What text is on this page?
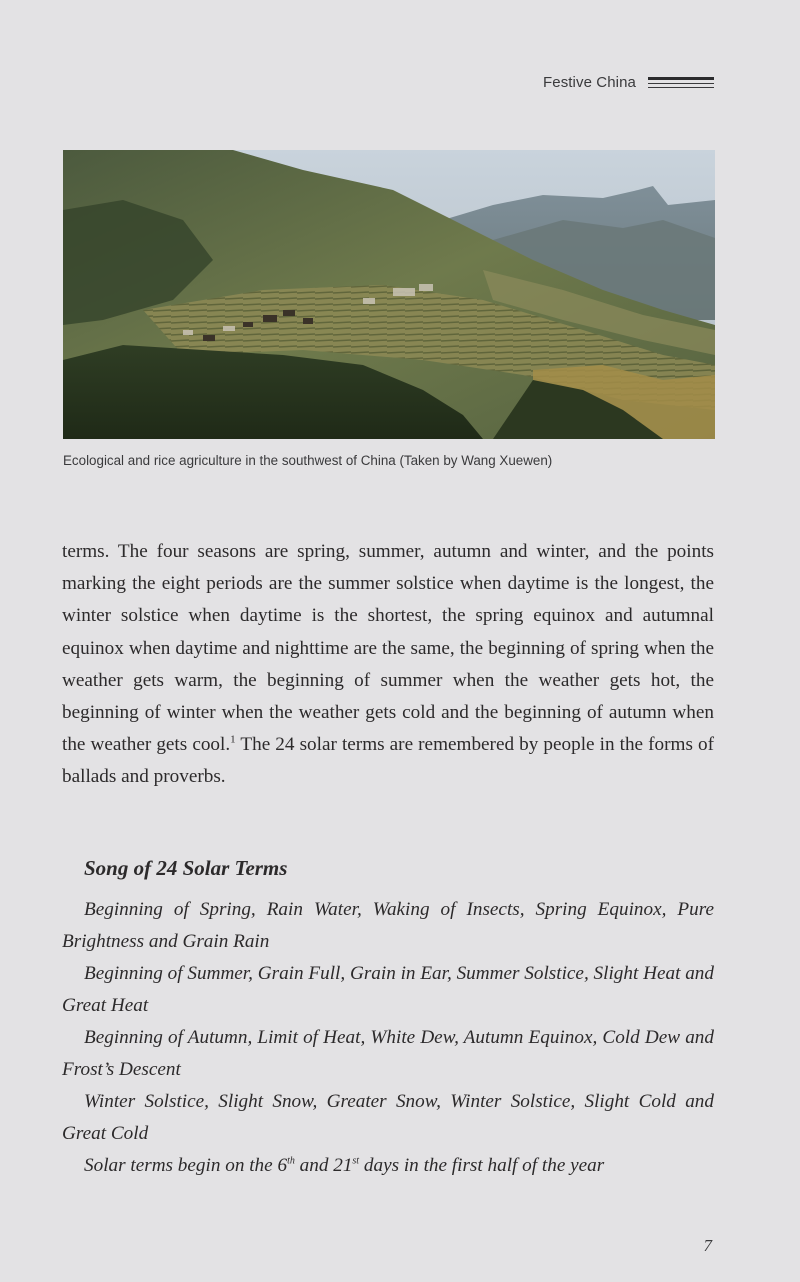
Festive China
Ecological and rice agriculture in the southwest of China (Taken by Wang Xuewen)

terms. The four seasons are spring, summer, autumn and winter, and the points marking the eight periods are the summer solstice when daytime is the longest, the winter solstice when daytime is the shortest, the spring equinox and autumnal equinox when daytime and nighttime are the same, the beginning of spring when the weather gets warm, the beginning of summer when the weather gets hot, the beginning of winter when the weather gets cold and the beginning of autumn when the weather gets cool.$^1$ The 24 solar terms are remembered by people in the forms of ballads and proverbs.

Song of 24 Solar Terms

Beginning of Spring, Rain Water, Waking of Insects, Spring Equinox, Pure Brightness and Grain Rain

Beginning of Summer, Grain Full, Grain in Ear, Summer Solstice, Slight Heat and Great Heat

Beginning of Autumn, Limit of Heat, White Dew, Autumn Equinox, Cold Dew and Frost’s Descent

Winter Solstice, Slight Snow, Greater Snow, Winter Solstice, Slight Cold and Great Cold

Solar terms begin on the 6th and 21st days in the first half of the year

7
